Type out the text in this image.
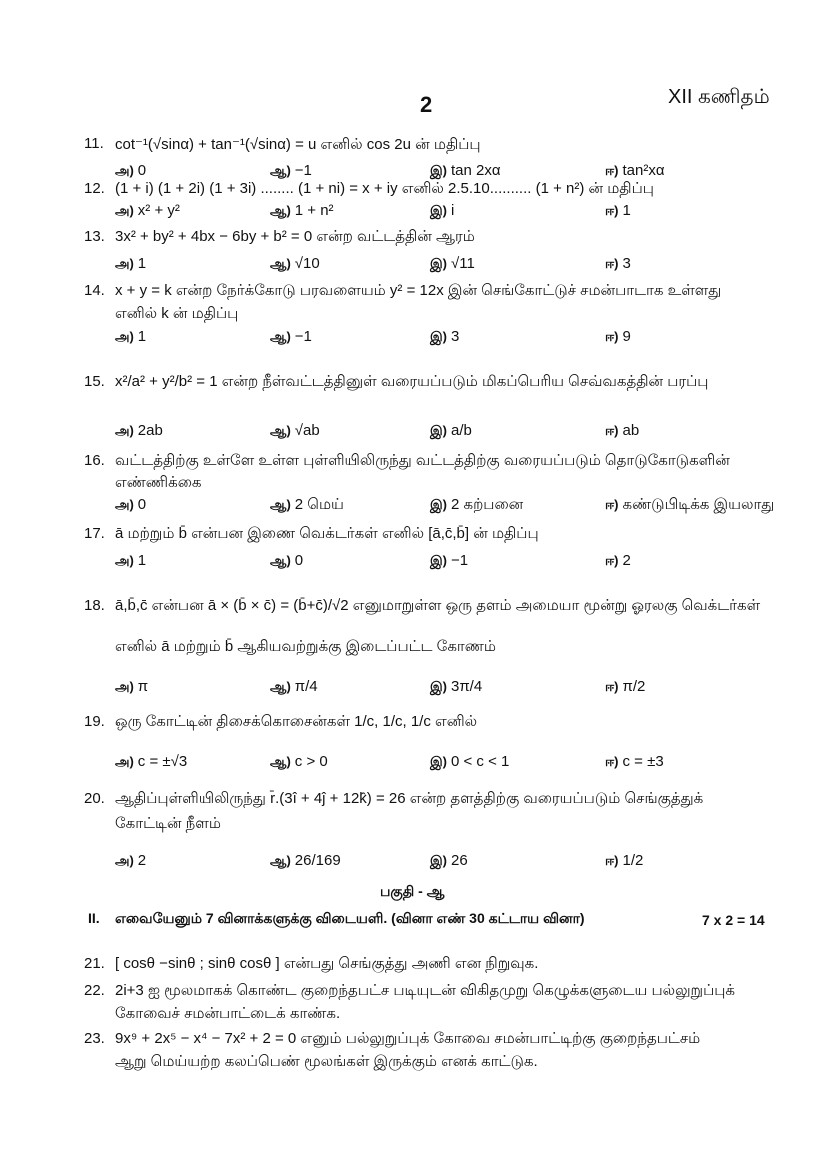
2	XII கணிதம்
11. cot⁻¹(√sinα) + tan⁻¹(√sinα) = u எனில் cos 2u ன் மதிப்பு
அ) 0	ஆ) −1	இ) tan 2xα	ஈ) tan²xα
12. (1 + i) (1 + 2i) (1 + 3i) ........ (1 + ni) = x + iy எனில் 2.5.10.......... (1 + n²) ன் மதிப்பு
அ) x² + y²	ஆ) 1 + n²	இ) i	ஈ) 1
13. 3x² + by² + 4bx − 6by + b² = 0 என்ற வட்டத்தின் ஆரம்
அ) 1	ஆ) √10	இ) √11	ஈ) 3
14. x + y = k என்ற நேர்க்கோடு பரவளையம் y² = 12x இன் செங்கோட்டுச் சமன்பாடாக உள்ளது
எனில் k ன் மதிப்பு
அ) 1	ஆ) −1	இ) 3	ஈ) 9
15. x²/a² + y²/b² = 1 என்ற நீள்வட்டத்தினுள் வரையப்படும் மிகப்பெரிய செவ்வகத்தின் பரப்பு
அ) 2ab	ஆ) √ab	இ) a/b	ஈ) ab
16. வட்டத்திற்கு உள்ளே உள்ள புள்ளியிலிருந்து வட்டத்திற்கு வரையப்படும் தொடுகோடுகளின்
எண்ணிக்கை
அ) 0	ஆ) 2 மெய்	இ) 2 கற்பனை	ஈ) கண்டுபிடிக்க இயலாது
17. ā மற்றும் b̄ என்பன இணை வெக்டர்கள் எனில் [ā,c̄,b̄] ன் மதிப்பு
அ) 1	ஆ) 0	இ) −1	ஈ) 2
18. ā,b̄,c̄ என்பன ā × (b̄ × c̄) = (b̄+c̄)/√2 எனுமாறுள்ள ஒரு தளம் அமையா மூன்று ஓரலகு வெக்டர்கள்
எனில் ā மற்றும் b̄ ஆகியவற்றுக்கு இடைப்பட்ட கோணம்
அ) π	ஆ) π/4	இ) 3π/4	ஈ) π/2
19. ஒரு கோட்டின் திசைக்கொசைன்கள் 1/c, 1/c, 1/c எனில்
அ) c = ±√3	ஆ) c > 0	இ) 0 < c < 1	ஈ) c = ±3
20. ஆதிப்புள்ளியிலிருந்து r̄.(3î + 4ĵ + 12k̂) = 26 என்ற தளத்திற்கு வரையப்படும் செங்குத்துக்
கோட்டின் நீளம்
அ) 2	ஆ) 26/169	இ) 26	ஈ) 1/2
பகுதி - ஆ
II. எவையேனும் 7 வினாக்களுக்கு விடையளி. (வினா எண் 30 கட்டாய வினா)	7 x 2 = 14
21. [ cosθ −sinθ ; sinθ cosθ ] என்பது செங்குத்து அணி என நிறுவுக.
22. 2i+3 ஐ மூலமாகக் கொண்ட குறைந்தபட்ச படியுடன் விகிதமுறு கெழுக்களுடைய பல்லுறுப்புக்
கோவைச் சமன்பாட்டைக் காண்க.
23. 9x⁹ + 2x⁵ − x⁴ − 7x² + 2 = 0 எனும் பல்லுறுப்புக் கோவை சமன்பாட்டிற்கு குறைந்தபட்சம்
ஆறு மெய்யற்ற கலப்பெண் மூலங்கள் இருக்கும் எனக் காட்டுக.
